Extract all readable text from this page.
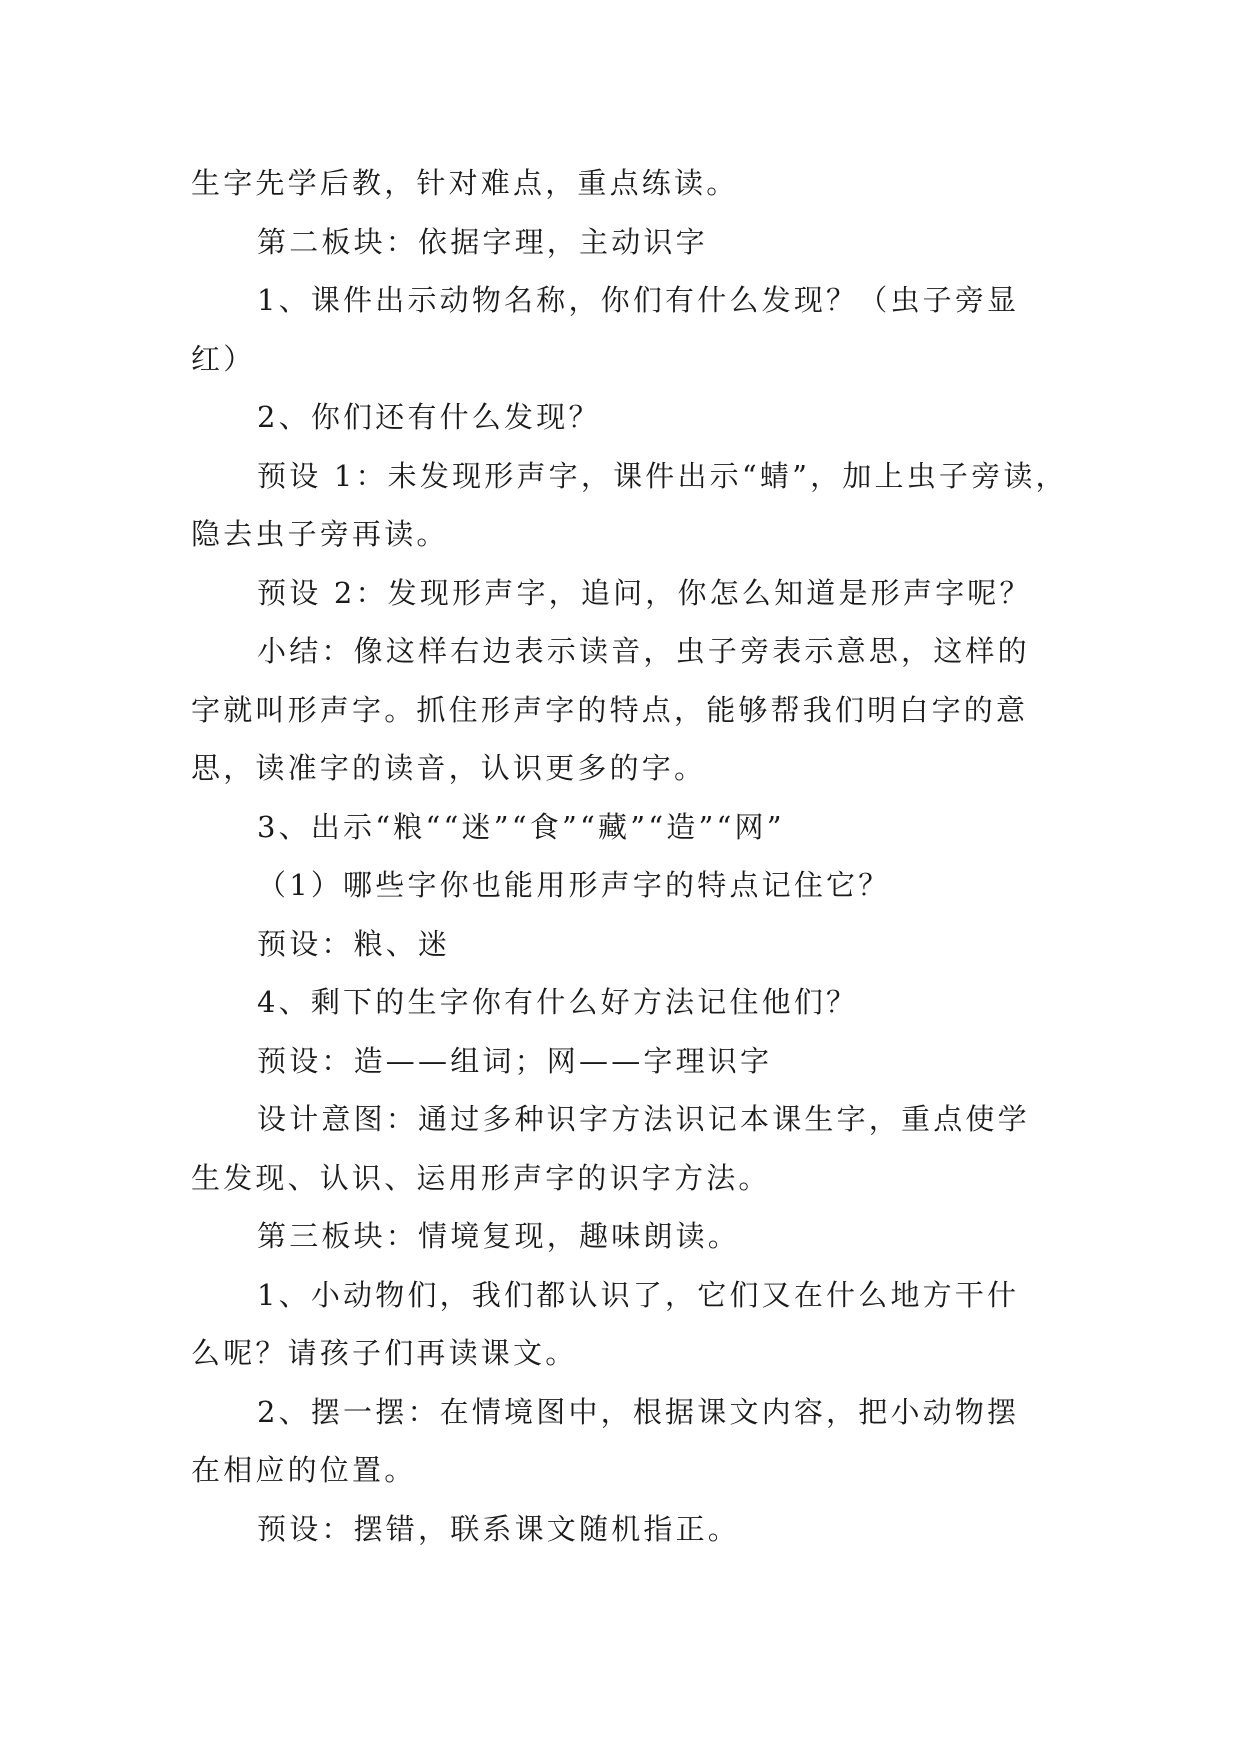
生字先学后教，针对难点，重点练读。
第二板块：依据字理，主动识字
1、课件出示动物名称，你们有什么发现？（虫子旁显
红）
2、你们还有什么发现？
预设 1：未发现形声字，课件出示“蜻”，加上虫子旁读，
隐去虫子旁再读。
预设 2：发现形声字，追问，你怎么知道是形声字呢？
小结：像这样右边表示读音，虫子旁表示意思，这样的
字就叫形声字。抓住形声字的特点，能够帮我们明白字的意
思，读准字的读音，认识更多的字。
3、出示“粮““迷”“食”“藏”“造”“网”
（1）哪些字你也能用形声字的特点记住它？
预设：粮、迷
4、剩下的生字你有什么好方法记住他们？
预设：造——组词；网——字理识字
设计意图：通过多种识字方法识记本课生字，重点使学
生发现、认识、运用形声字的识字方法。
第三板块：情境复现，趣味朗读。
1、小动物们，我们都认识了，它们又在什么地方干什
么呢？请孩子们再读课文。
2、摆一摆：在情境图中，根据课文内容，把小动物摆
在相应的位置。
预设：摆错，联系课文随机指正。
